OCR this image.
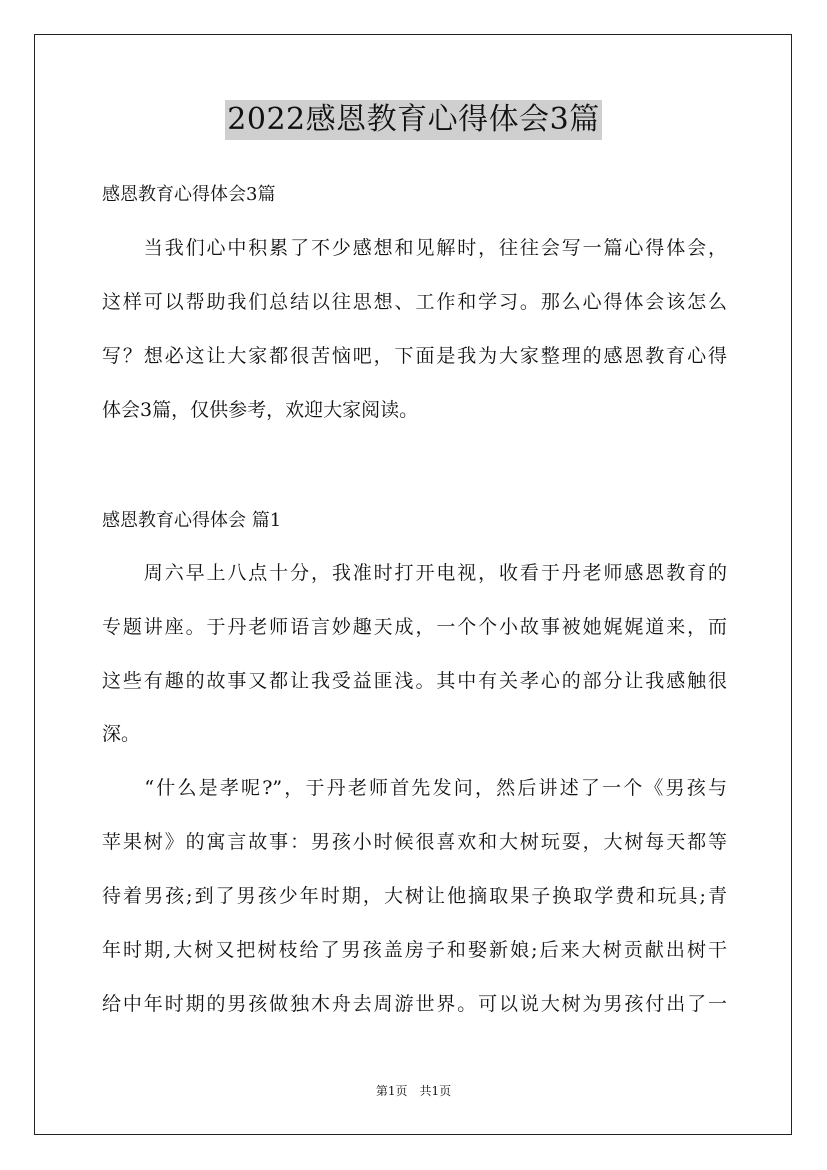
2022感恩教育心得体会3篇
感恩教育心得体会3篇
　　当我们心中积累了不少感想和见解时，往往会写一篇心得体会，
这样可以帮助我们总结以往思想、工作和学习。那么心得体会该怎么
写？想必这让大家都很苦恼吧，下面是我为大家整理的感恩教育心得
体会3篇，仅供参考，欢迎大家阅读。
感恩教育心得体会 篇1
　　周六早上八点十分，我准时打开电视，收看于丹老师感恩教育的
专题讲座。于丹老师语言妙趣天成，一个个小故事被她娓娓道来，而
这些有趣的故事又都让我受益匪浅。其中有关孝心的部分让我感触很
深。
　　“什么是孝呢?”，于丹老师首先发问，然后讲述了一个《男孩与
苹果树》的寓言故事：男孩小时候很喜欢和大树玩耍，大树每天都等
待着男孩;到了男孩少年时期，大树让他摘取果子换取学费和玩具;青
年时期,大树又把树枝给了男孩盖房子和娶新娘;后来大树贡献出树干
给中年时期的男孩做独木舟去周游世界。可以说大树为男孩付出了一
第1页　共1页
